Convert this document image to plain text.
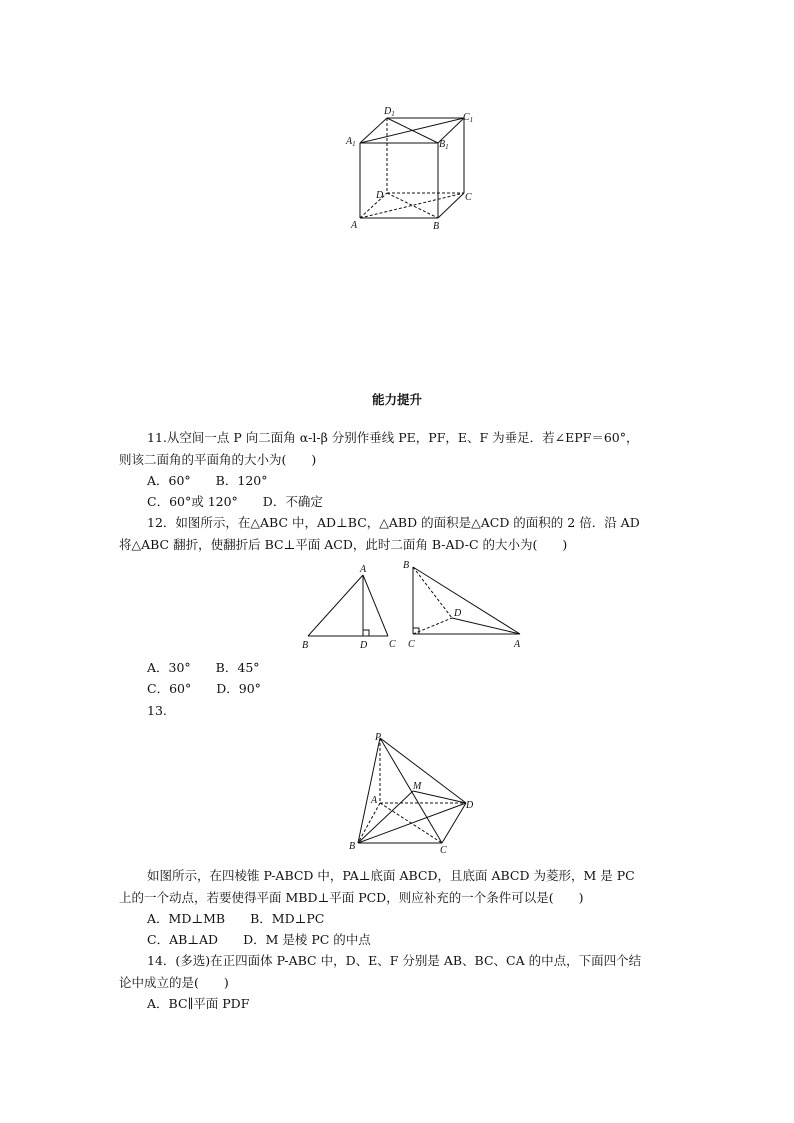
$D_1$	$C_1$
$A_1$	$B_1$
D	C
A	B
能力提升
11.从空间一点 P 向二面角 α-l-β 分别作垂线 PE，PF，E、F 为垂足．若∠EPF＝60°，
则该二面角的平面角的大小为(　　)
A．60°　　B．120°
C．60°或 120°　　D．不确定
12．如图所示，在△ABC 中，AD⊥BC，△ABD 的面积是△ACD 的面积的 2 倍．沿 AD
将△ABC 翻折，使翻折后 BC⊥平面 ACD，此时二面角 B-AD-C 的大小为(　　)
A
B	D C
B
D
C	A
A．30°　　B．45°
C．60°　　D．90°
13.
P
A
M
D
B	C
如图所示，在四棱锥 P-ABCD 中，PA⊥底面 ABCD，且底面 ABCD 为菱形，M 是 PC
上的一个动点，若要使得平面 MBD⊥平面 PCD，则应补充的一个条件可以是(　　)
A．MD⊥MB　　B．MD⊥PC
C．AB⊥AD　　D．M 是棱 PC 的中点
14．(多选)在正四面体 P-ABC 中，D、E、F 分别是 AB、BC、CA 的中点，下面四个结
论中成立的是(　　)
A．BC∥平面 PDF
